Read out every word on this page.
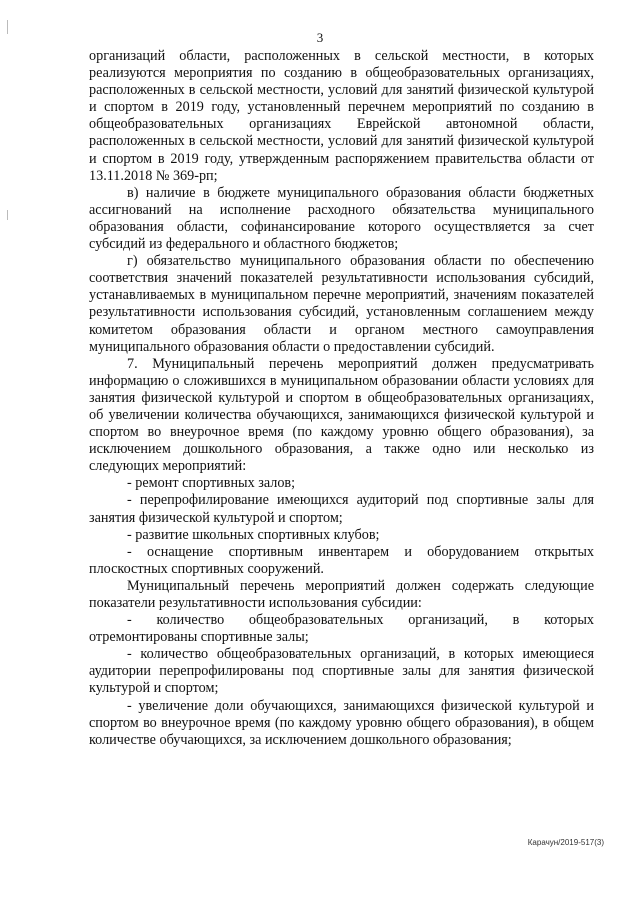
3

организаций области, расположенных в сельской местности, в которых реализуются мероприятия по созданию в общеобразовательных организациях, расположенных в сельской местности, условий для занятий физической культурой и спортом в 2019 году, установленный перечнем мероприятий по созданию в общеобразовательных организациях Еврейской автономной области, расположенных в сельской местности, условий для занятий физической культурой и спортом в 2019 году, утвержденным распоряжением правительства области от 13.11.2018 № 369-рп;

в) наличие в бюджете муниципального образования области бюджетных ассигнований на исполнение расходного обязательства муниципального образования области, софинансирование которого осуществляется за счет субсидий из федерального и областного бюджетов;

г) обязательство муниципального образования области по обеспечению соответствия значений показателей результативности использования субсидий, устанавливаемых в муниципальном перечне мероприятий, значениям показателей результативности использования субсидий, установленным соглашением между комитетом образования области и органом местного самоуправления муниципального образования области о предоставлении субсидий.

7. Муниципальный перечень мероприятий должен предусматривать информацию о сложившихся в муниципальном образовании области условиях для занятия физической культурой и спортом в общеобразовательных организациях, об увеличении количества обучающихся, занимающихся физической культурой и спортом во внеурочное время (по каждому уровню общего образования), за исключением дошкольного образования, а также одно или несколько из следующих мероприятий:

- ремонт спортивных залов;

- перепрофилирование имеющихся аудиторий под спортивные залы для занятия физической культурой и спортом;

- развитие школьных спортивных клубов;

- оснащение спортивным инвентарем и оборудованием открытых плоскостных спортивных сооружений.

Муниципальный перечень мероприятий должен содержать следующие показатели результативности использования субсидии:

- количество общеобразовательных организаций, в которых отремонтированы спортивные залы;

- количество общеобразовательных организаций, в которых имеющиеся аудитории перепрофилированы под спортивные залы для занятия физической культурой и спортом;

- увеличение доли обучающихся, занимающихся физической культурой и спортом во внеурочное время (по каждому уровню общего образования), в общем количестве обучающихся, за исключением дошкольного образования;

Карачун/2019-517(3)
